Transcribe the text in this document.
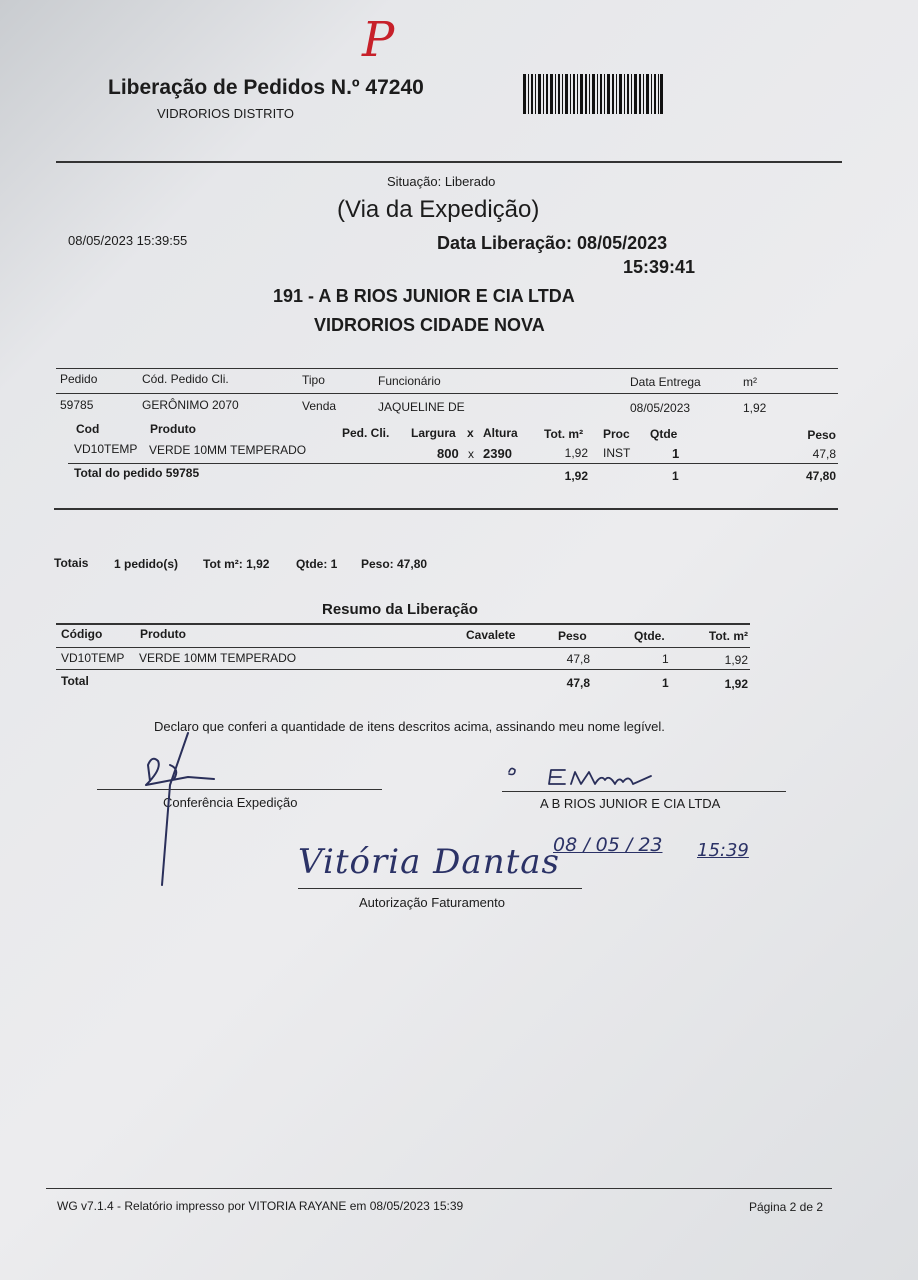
P
Liberação de Pedidos N.º 47240
VIDRORIOS DISTRITO
Situação: Liberado
(Via da Expedição)
08/05/2023 15:39:55	Data Liberação: 08/05/2023
15:39:41
191 - A B RIOS JUNIOR E CIA LTDA
VIDRORIOS CIDADE NOVA
Pedido	Cód. Pedido Cli.	Tipo	Funcionário	Data Entrega	m²
59785	GERÔNIMO 2070	Venda	JAQUELINE DE	08/05/2023	1,92
Cod	Produto	Ped. Cli. Largura x Altura Tot. m² Proc Qtde	Peso
VD10TEMP VERDE 10MM TEMPERADO	800 x 2390	1,92 INST	1	47,8
Total do pedido 59785	1,92	1	47,80
Totais 1 pedido(s) Tot m²: 1,92 Qtde: 1 Peso: 47,80
Resumo da Liberação
Código	Produto	Cavalete	Peso	Qtde.	Tot. m²
VD10TEMP VERDE 10MM TEMPERADO	47,8	1	1,92
Total	47,8	1	1,92
Declaro que conferi a quantidade de itens descritos acima, assinando meu nome legível.
Conferência Expedição	A B RIOS JUNIOR E CIA LTDA
Autorização Faturamento
Vitória Dantas
08 / 05 / 23 15:39
WG v7.1.4 - Relatório impresso por VITORIA RAYANE em 08/05/2023 15:39	Página 2 de 2
